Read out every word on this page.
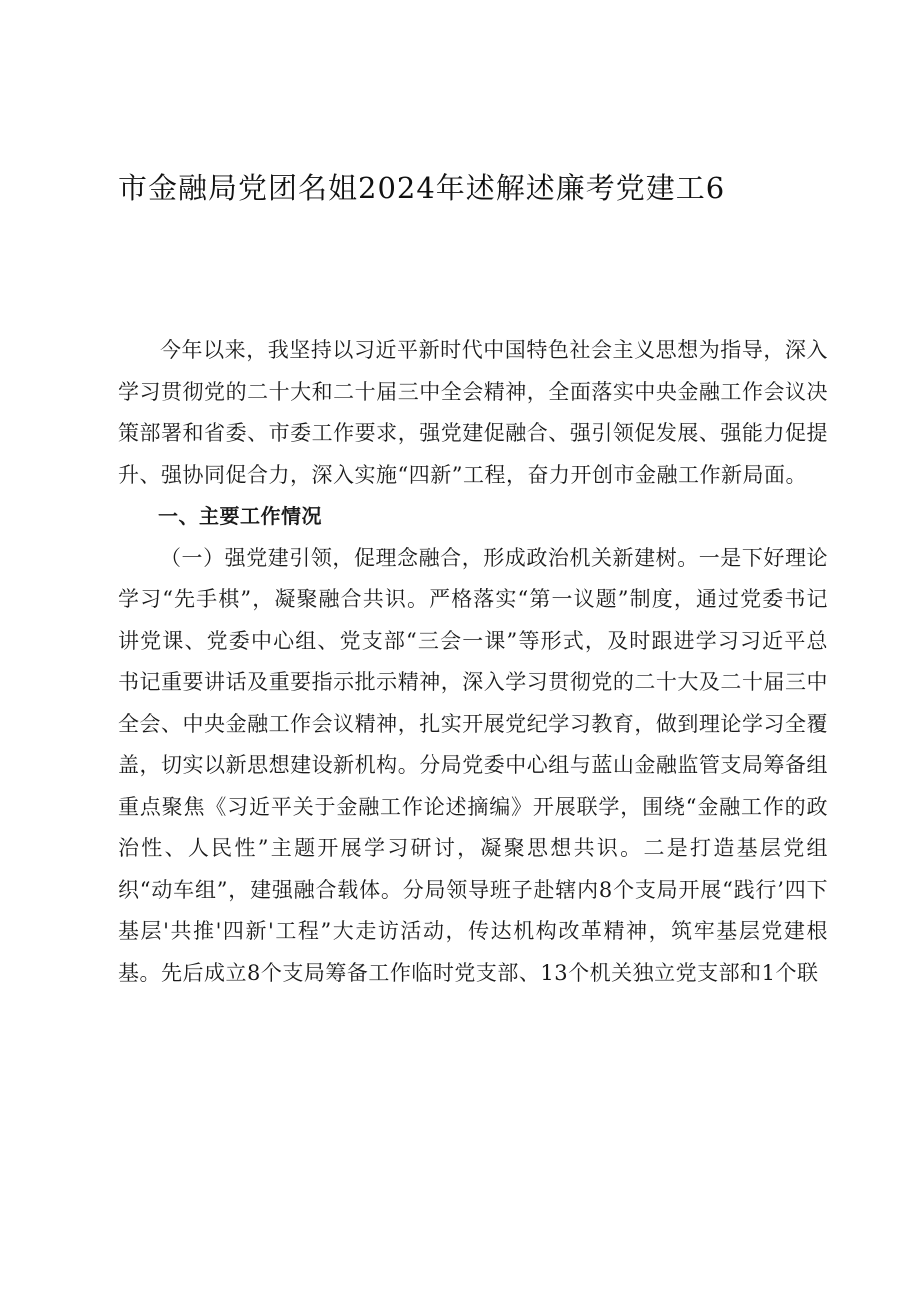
市金融局党团名姐2024年述解述廉考党建工6

今年以来，我坚持以习近平新时代中国特色社会主义思想为指导，深入学习贯彻党的二十大和二十届三中全会精神，全面落实中央金融工作会议决策部署和省委、市委工作要求，强党建促融合、强引领促发展、强能力促提升、强协同促合力，深入实施“四新”工程，奋力开创市金融工作新局面。

一、主要工作情况

（一）强党建引领，促理念融合，形成政治机关新建树。一是下好理论学习“先手棋”，凝聚融合共识。严格落实“第一议题”制度，通过党委书记讲党课、党委中心组、党支部“三会一课”等形式，及时跟进学习习近平总书记重要讲话及重要指示批示精神，深入学习贯彻党的二十大及二十届三中全会、中央金融工作会议精神，扎实开展党纪学习教育，做到理论学习全覆盖，切实以新思想建设新机构。分局党委中心组与蓝山金融监管支局筹备组重点聚焦《习近平关于金融工作论述摘编》开展联学，围绕“金融工作的政治性、人民性”主题开展学习研讨，凝聚思想共识。二是打造基层党组织“动车组”，建强融合载体。分局领导班子赴辖内8个支局开展“践行’四下基层'共推'四新'工程”大走访活动，传达机构改革精神，筑牢基层党建根基。先后成立8个支局筹备工作临时党支部、13个机关独立党支部和1个联
